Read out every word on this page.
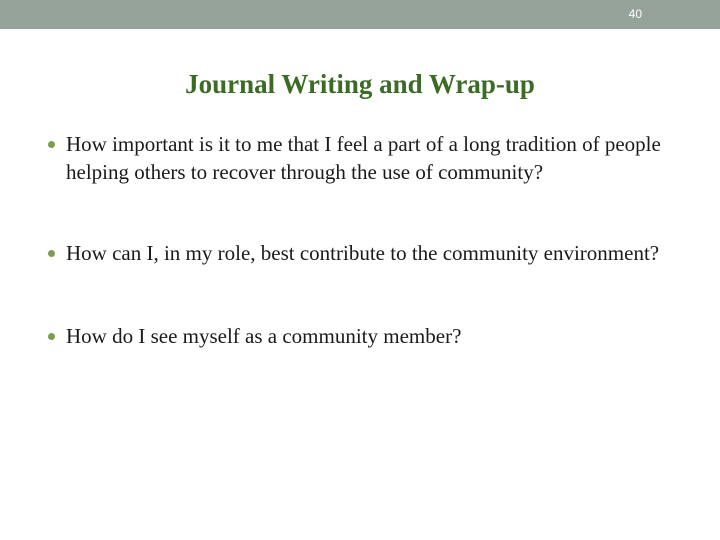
40
Journal Writing and Wrap-up
How important is it to me that I feel a part of a long tradition of people helping others to recover through the use of community?
How can I, in my role, best contribute to the community environment?
How do I see myself as a community member?
